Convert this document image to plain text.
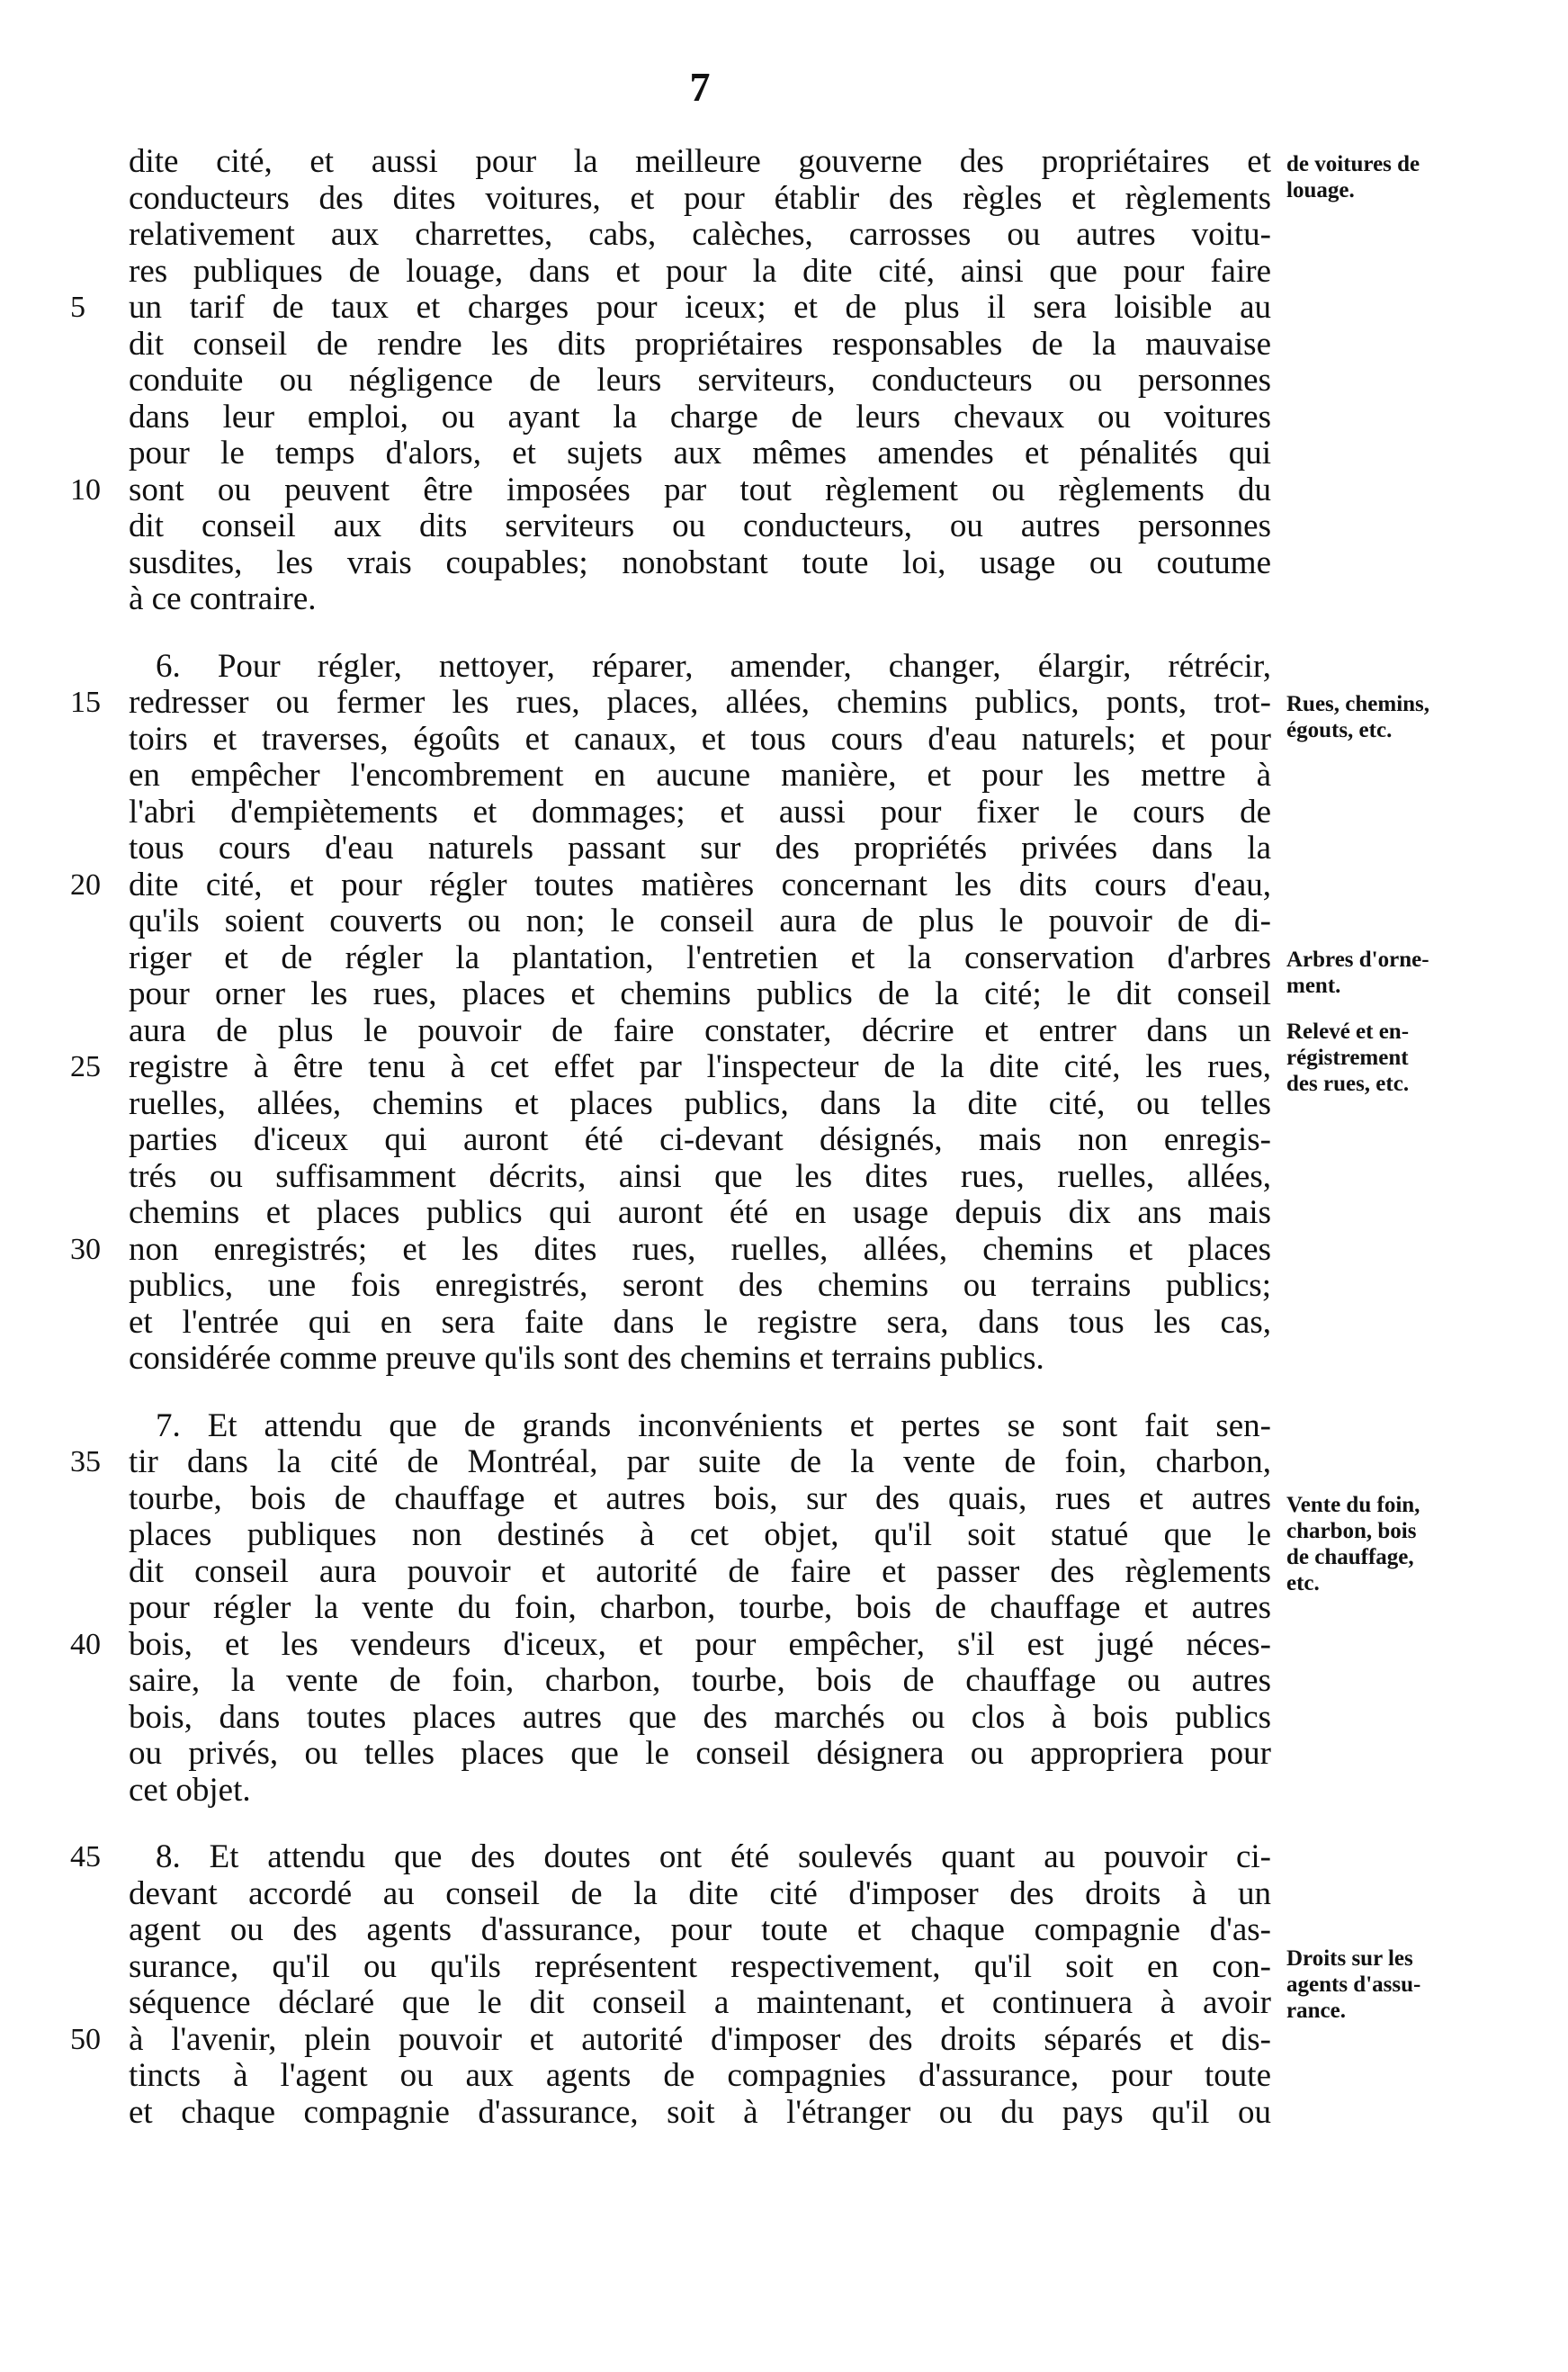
7
dite cité, et aussi pour la meilleure gouverne des propriétaires et
conducteurs des dites voitures, et pour établir des règles et règlements
relativement aux charrettes, cabs, calèches, carrosses ou autres voitu-
res publiques de louage, dans et pour la dite cité, ainsi que pour faire
5	un tarif de taux et charges pour iceux; et de plus il sera loisible au
dit conseil de rendre les dits propriétaires responsables de la mauvaise
conduite ou négligence de leurs serviteurs, conducteurs ou personnes
dans leur emploi, ou ayant la charge de leurs chevaux ou voitures
pour le temps d'alors, et sujets aux mêmes amendes et pénalités qui
10 sont ou peuvent être imposées par tout règlement ou règlements du
dit conseil aux dits serviteurs ou conducteurs, ou autres personnes
susdites, les vrais coupables; nonobstant toute loi, usage ou coutume
à ce contraire.
6. Pour régler, nettoyer, réparer, amender, changer, élargir, rétrécir,
15 redresser ou fermer les rues, places, allées, chemins publics, ponts, trot-
toirs et traverses, égoûts et canaux, et tous cours d'eau naturels; et pour
en empêcher l'encombrement en aucune manière, et pour les mettre à
l'abri d'empiètements et dommages; et aussi pour fixer le cours de
tous cours d'eau naturels passant sur des propriétés privées dans la
20 dite cité, et pour régler toutes matières concernant les dits cours d'eau,
qu'ils soient couverts ou non; le conseil aura de plus le pouvoir de di-
riger et de régler la plantation, l'entretien et la conservation d'arbres
pour orner les rues, places et chemins publics de la cité; le dit conseil
aura de plus le pouvoir de faire constater, décrire et entrer dans un
25 registre à être tenu à cet effet par l'inspecteur de la dite cité, les rues,
ruelles, allées, chemins et places publics, dans la dite cité, ou telles
parties d'iceux qui auront été ci-devant désignés, mais non enregis-
trés ou suffisamment décrits, ainsi que les dites rues, ruelles, allées,
chemins et places publics qui auront été en usage depuis dix ans mais
30 non enregistrés; et les dites rues, ruelles, allées, chemins et places
publics, une fois enregistrés, seront des chemins ou terrains publics;
et l'entrée qui en sera faite dans le registre sera, dans tous les cas,
considérée comme preuve qu'ils sont des chemins et terrains publics.
7. Et attendu que de grands inconvénients et pertes se sont fait sen-
35 tir dans la cité de Montréal, par suite de la vente de foin, charbon,
tourbe, bois de chauffage et autres bois, sur des quais, rues et autres
places publiques non destinés à cet objet, qu'il soit statué que le
dit conseil aura pouvoir et autorité de faire et passer des règlements
pour régler la vente du foin, charbon, tourbe, bois de chauffage et autres
40 bois, et les vendeurs d'iceux, et pour empêcher, s'il est jugé néces-
saire, la vente de foin, charbon, tourbe, bois de chauffage ou autres
bois, dans toutes places autres que des marchés ou clos à bois publics
ou privés, ou telles places que le conseil désignera ou appropriera pour
cet objet.
45	8. Et attendu que des doutes ont été soulevés quant au pouvoir ci-
devant accordé au conseil de la dite cité d'imposer des droits à un
agent ou des agents d'assurance, pour toute et chaque compagnie d'as-
surance, qu'il ou qu'ils représentent respectivement, qu'il soit en con-
séquence déclaré que le dit conseil a maintenant, et continuera à avoir
50 à l'avenir, plein pouvoir et autorité d'imposer des droits séparés et dis-
tincts à l'agent ou aux agents de compagnies d'assurance, pour toute
et chaque compagnie d'assurance, soit à l'étranger ou du pays qu'il ou
de voitures de
louage.
Rues, chemins,
égouts, etc.
Arbres d'orne-
ment.
Relevé et en-
régistrement
des rues, etc.
Vente du foin,
charbon, bois
de chauffage,
etc.
Droits sur les
agents d'assu-
rance.
